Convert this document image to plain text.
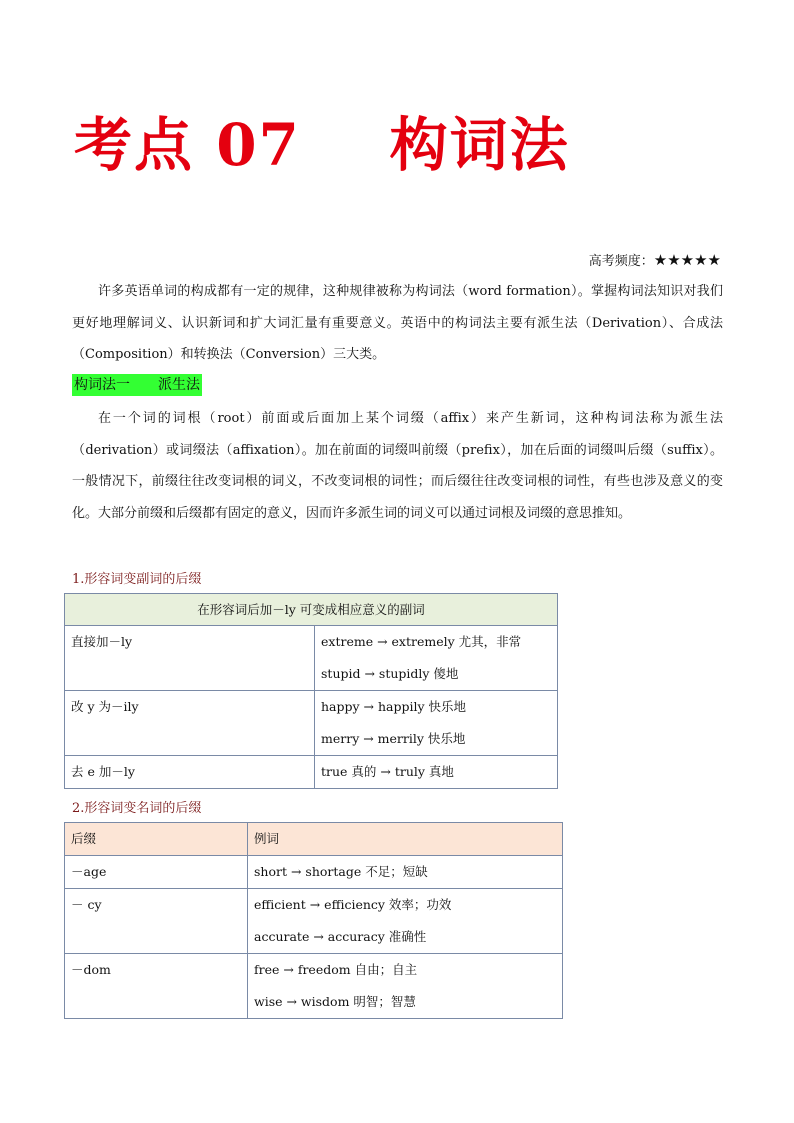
考点 07    构词法
高考频度：★★★★★

许多英语单词的构成都有一定的规律，这种规律被称为构词法（word formation）。掌握构词法知识对我们更好地理解词义、认识新词和扩大词汇量有重要意义。英语中的构词法主要有派生法（Derivation）、合成法（Composition）和转换法（Conversion）三大类。

构词法一　　派生法

在一个词的词根（root）前面或后面加上某个词缀（affix）来产生新词，这种构词法称为派生法（derivation）或词缀法（affixation）。加在前面的词缀叫前缀（prefix），加在后面的词缀叫后缀（suffix）。一般情况下，前缀往往改变词根的词义，不改变词根的词性；而后缀往往改变词根的词性，有些也涉及意义的变化。大部分前缀和后缀都有固定的意义，因而许多派生词的词义可以通过词根及词缀的意思推知。

1.形容词变副词的后缀
在形容词后加－ly 可变成相应意义的副词	
直接加－ly	extreme → extremely 尤其，非常
stupid → stupidly 傻地

改 y 为－ily	happy → happily 快乐地
merry → merrily 快乐地

去 e 加－ly	true 真的 → truly 真地
2.形容词变名词的后缀
后缀	例词
－age	short → shortage 不足；短缺

－ cy	efficient → efficiency 效率；功效
accurate → accuracy 准确性

－dom	free → freedom 自由；自主
wise → wisdom 明智；智慧
